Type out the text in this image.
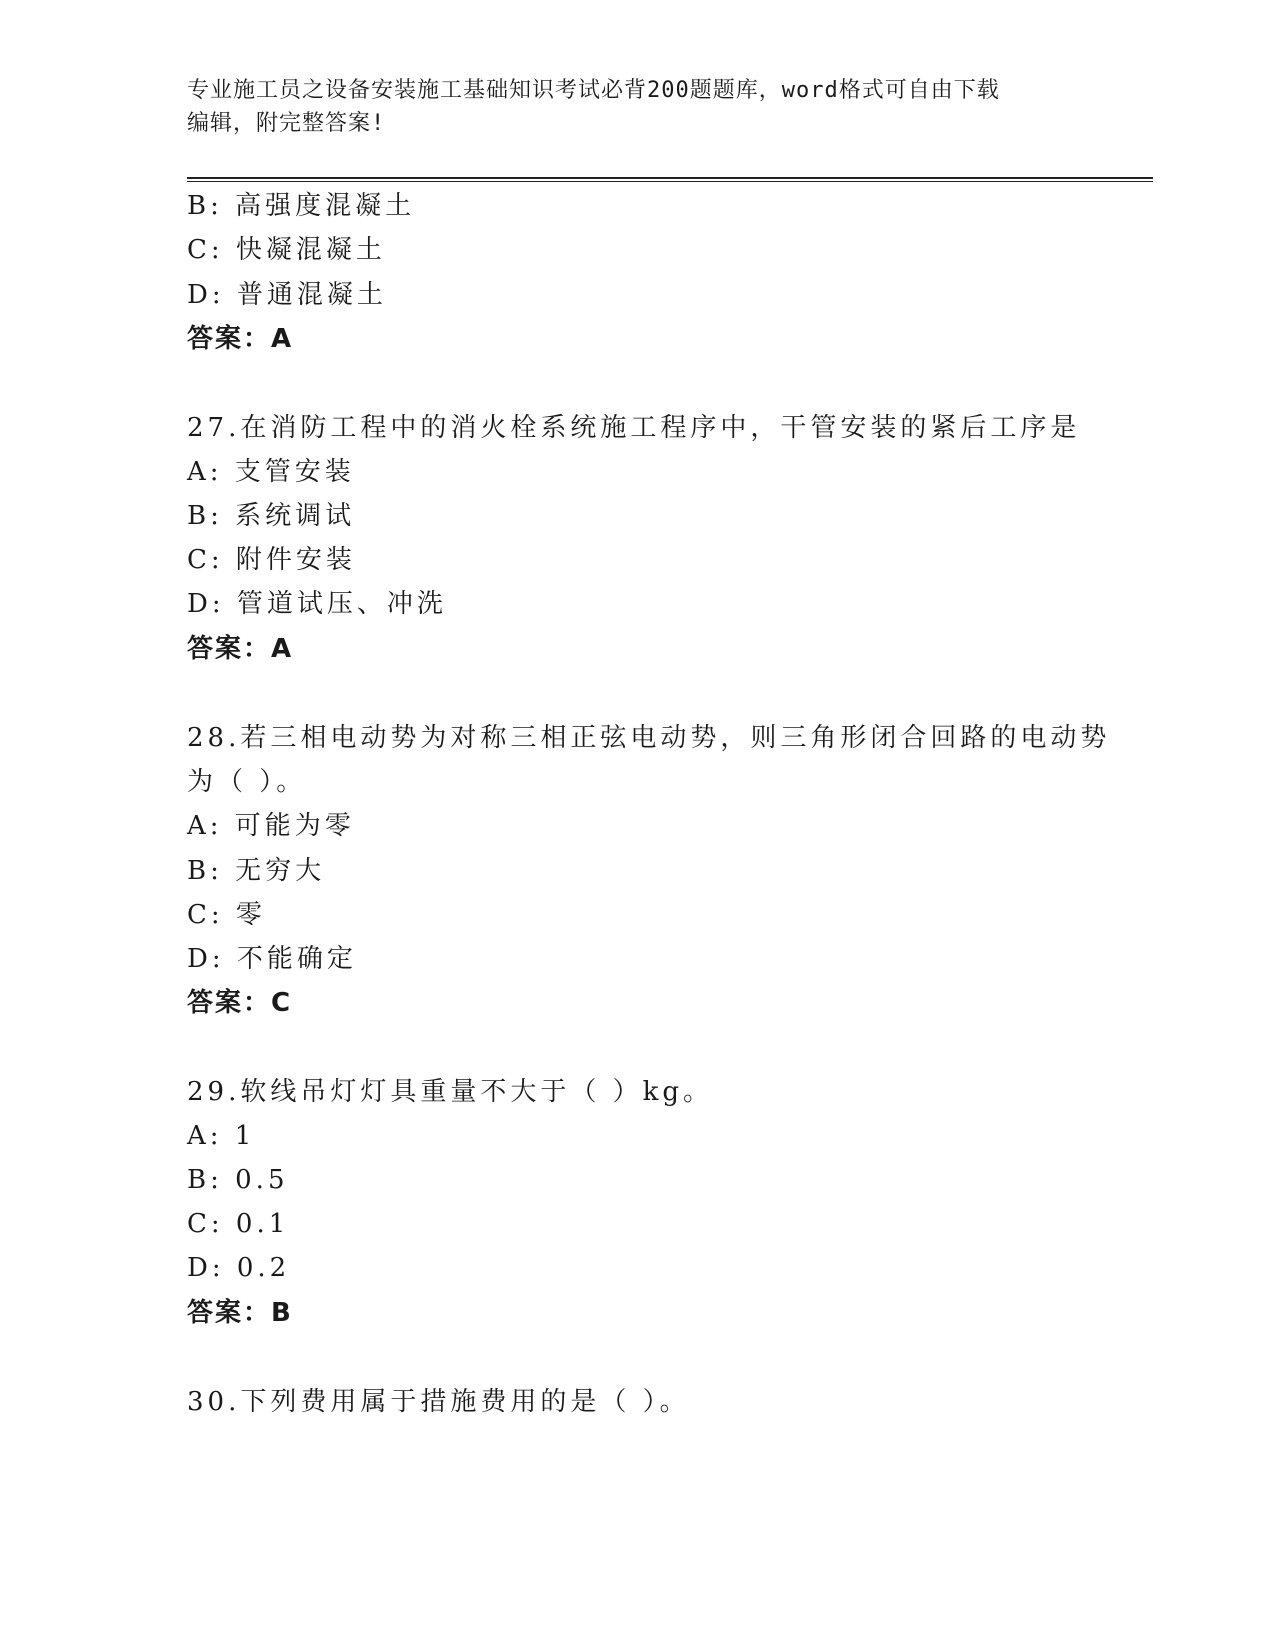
专业施工员之设备安装施工基础知识考试必背200题题库，word格式可自由下载
编辑，附完整答案!
B: 高强度混凝土
C: 快凝混凝土
D: 普通混凝土
答案：A
27.在消防工程中的消火栓系统施工程序中，干管安装的紧后工序是
A: 支管安装
B: 系统调试
C: 附件安装
D: 管道试压、冲洗
答案：A
28.若三相电动势为对称三相正弦电动势，则三角形闭合回路的电动势
为（ ）。
A: 可能为零
B: 无穷大
C: 零
D: 不能确定
答案：C
29.软线吊灯灯具重量不大于（ ）kg。
A: 1
B: 0.5
C: 0.1
D: 0.2
答案：B
30.下列费用属于措施费用的是（ ）。
